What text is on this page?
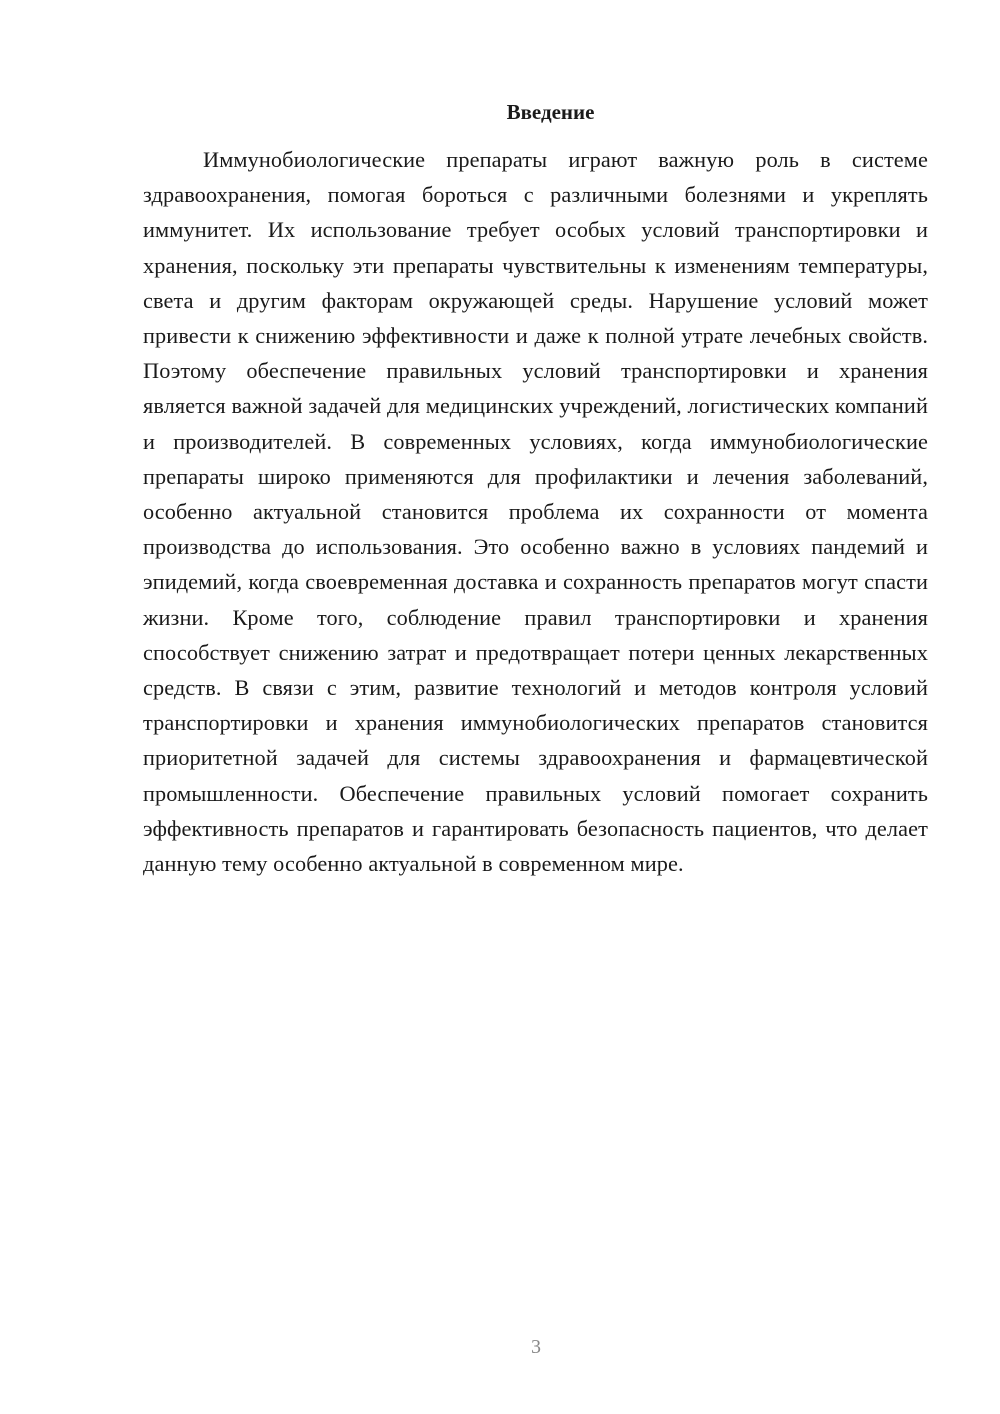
Введение

Иммунобиологические препараты играют важную роль в системе здравоохранения, помогая бороться с различными болезнями и укреплять иммунитет. Их использование требует особых условий транспортировки и хранения, поскольку эти препараты чувствительны к изменениям температуры, света и другим факторам окружающей среды. Нарушение условий может привести к снижению эффективности и даже к полной утрате лечебных свойств. Поэтому обеспечение правильных условий транспортировки и хранения является важной задачей для медицинских учреждений, логистических компаний и производителей. В современных условиях, когда иммунобиологические препараты широко применяются для профилактики и лечения заболеваний, особенно актуальной становится проблема их сохранности от момента производства до использования. Это особенно важно в условиях пандемий и эпидемий, когда своевременная доставка и сохранность препаратов могут спасти жизни. Кроме того, соблюдение правил транспортировки и хранения способствует снижению затрат и предотвращает потери ценных лекарственных средств. В связи с этим, развитие технологий и методов контроля условий транспортировки и хранения иммунобиологических препаратов становится приоритетной задачей для системы здравоохранения и фармацевтической промышленности. Обеспечение правильных условий помогает сохранить эффективность препаратов и гарантировать безопасность пациентов, что делает данную тему особенно актуальной в современном мире.

3
